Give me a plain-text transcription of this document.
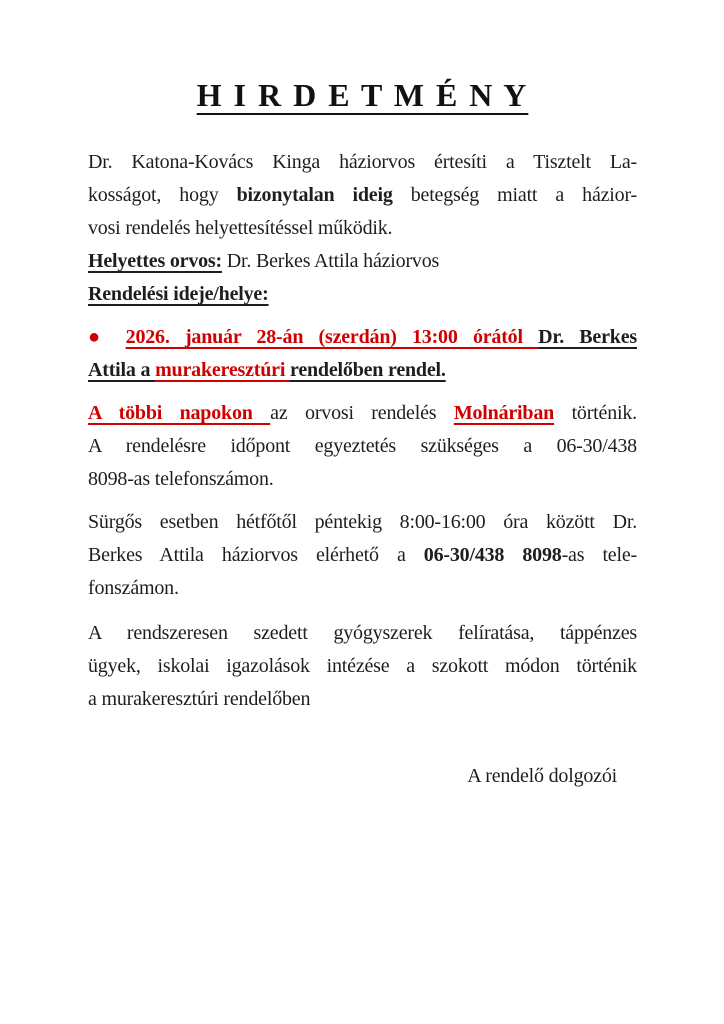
H I R D E T M É N Y
Dr. Katona-Kovács Kinga háziorvos értesíti a Tisztelt La-
kosságot, hogy bizonytalan ideig betegség miatt a házior-
vosi rendelés helyettesítéssel működik.
Helyettes orvos: Dr. Berkes Attila háziorvos
Rendelési ideje/helye:
● 2026. január 28-án (szerdán) 13:00 órától Dr. Berkes
Attila a murakeresztúri rendelőben rendel.
A többi napokon az orvosi rendelés Molnáriban történik.
A rendelésre időpont egyeztetés szükséges a 06-30/438
8098-as telefonszámon.
Sürgős esetben hétfőtől péntekig 8:00-16:00 óra között Dr.
Berkes Attila háziorvos elérhető a 06-30/438 8098-as tele-
fonszámon.
A rendszeresen szedett gyógyszerek felíratása, táppénzes
ügyek, iskolai igazolások intézése a szokott módon történik
a murakeresztúri rendelőben
A rendelő dolgozói
